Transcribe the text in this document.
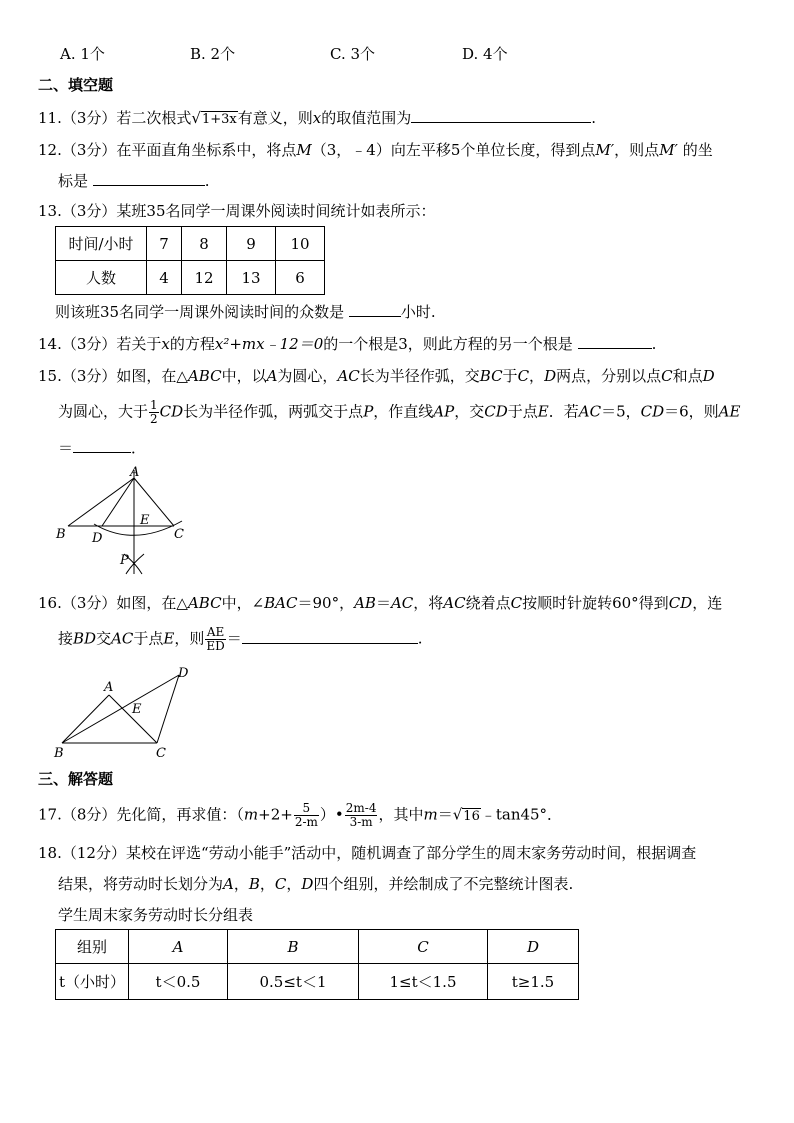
A. 1个	B. 2个	C. 3个	D. 4个
二、填空题
11.（3分）若二次根式√1+3x有意义，则x的取值范围为	.
12.（3分）在平面直角坐标系中，将点M（3，﹣4）向左平移5个单位长度，得到点M′，则点M′ 的坐
标是	.
13.（3分）某班35名同学一周课外阅读时间统计如表所示：
时间/小时	7	8	9	10
人数	4	12	13	6
则该班35名同学一周课外阅读时间的众数是	小时.
14.（3分）若关于x的方程x²+mx﹣12＝0的一个根是3，则此方程的另一个根是	.
15.（3分）如图，在△ABC中，以A为圆心，AC长为半径作弧，交BC于C，D两点，分别以点C和点D
为圆心，大于 $\frac{1}{2}$ CD长为半径作弧，两弧交于点P，作直线AP，交CD于点E．若AC＝5，CD＝6，则AE
＝	．
A
B	C
D
E
P
16.（3分）如图，在△ABC中，∠BAC＝90°，AB＝AC，将AC绕着点C按顺时针旋转60°得到CD，连
接BD交AC于点E，则 $\frac{AE}{ED}$ ＝	.
A
B	C
D
E
三、解答题
17.（8分）先化简，再求值：（$m+2+ \frac{5}{2-m}$ ）• $\frac{2m-4}{3-m}$ ，其中m＝√16﹣tan45°．
18.（12分）某校在评选“劳动小能手”活动中，随机调查了部分学生的周末家务劳动时间，根据调查
结果，将劳动时长划分为A，B，C，D四个组别，并绘制成了不完整统计图表.
学生周末家务劳动时长分组表
组别	A	B	C	D
t（小时）	t＜0.5	0.5≤t＜1	1≤t＜1.5	t≥1.5
